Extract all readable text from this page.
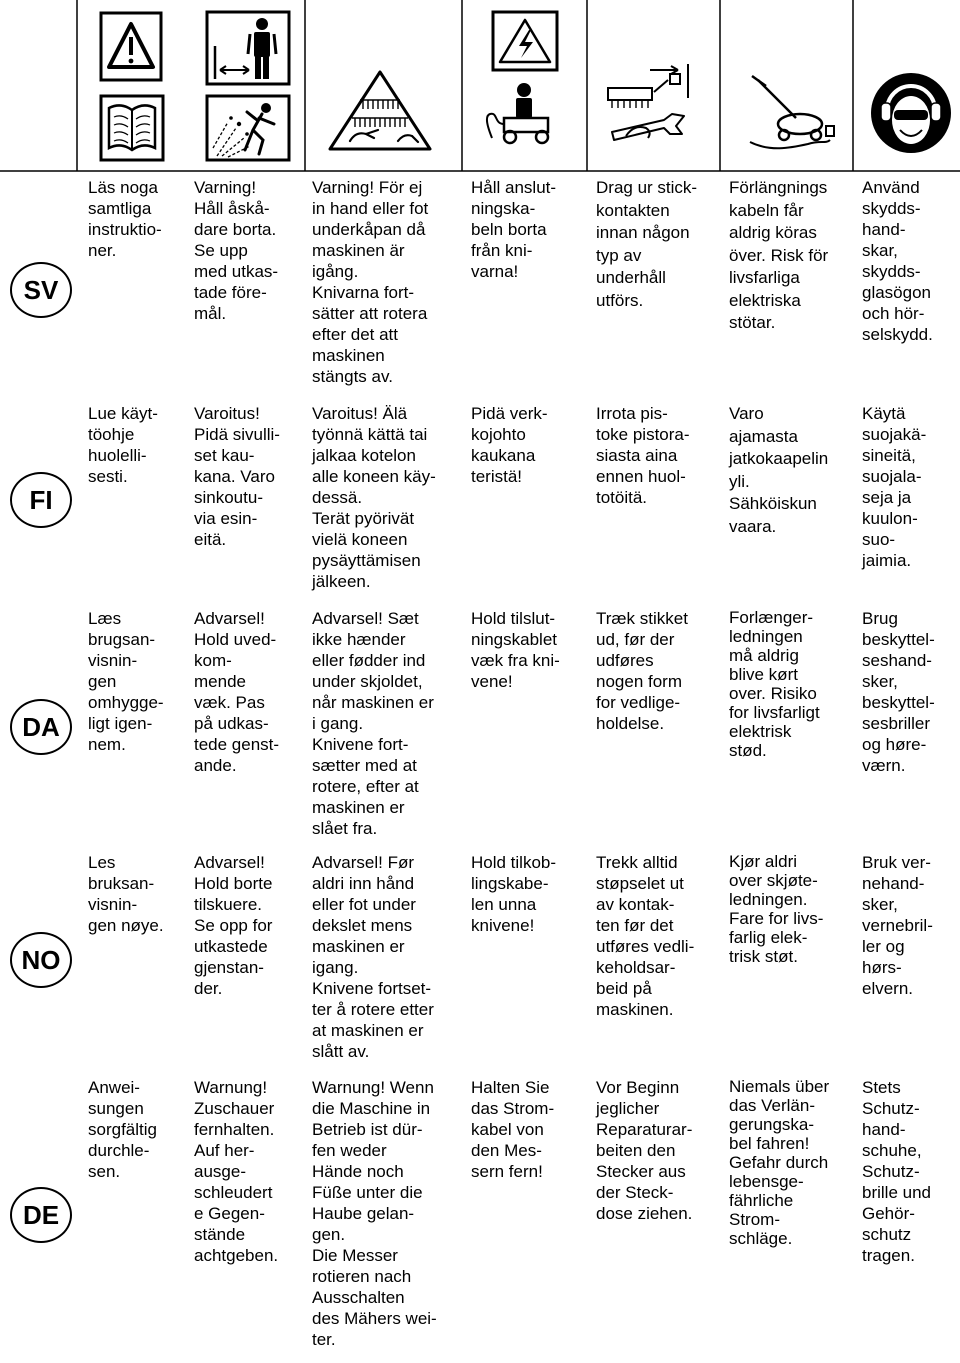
SV
Läs noga
samtliga
instruktio-
ner.
Varning!
Håll åskå-
dare borta.
Se upp
med utkas-
tade före-
mål.
Varning! För ej
in hand eller fot
underkåpan då
maskinen är
igång.
Knivarna fort-
sätter att rotera
efter det att
maskinen
stängts av.
Håll anslut-
ningska-
beln borta
från kni-
varna!
Drag ur stick-
kontakten
innan någon
typ av
underhåll
utförs.
Förlängnings
kabeln får
aldrig köras
över. Risk för
livsfarliga
elektriska
stötar.
Använd
skydds-
hand-
skar,
skydds-
glasögon
och hör-
selskydd.
FI
Lue käyt-
töohje
huolelli-
sesti.
Varoitus!
Pidä sivulli-
set kau-
kana. Varo
sinkoutu-
via esin-
eitä.
Varoitus! Älä
työnnä kättä tai
jalkaa kotelon
alle koneen käy-
dessä.
Terät pyörivät
vielä koneen
pysäyttämisen
jälkeen.
Pidä verk-
kojohto
kaukana
teristä!
Irrota pis-
toke pistora-
siasta aina
ennen huol-
totöitä.
Varo
ajamasta
jatkokaapelin
yli.
Sähköiskun
vaara.
Käytä
suojakä-
sineitä,
suojala-
seja ja
kuulon-
suo-
jaimia.
DA
Læs
brugsan-
visnin-
gen
omhygge-
ligt igen-
nem.
Advarsel!
Hold uved-
kom-
mende
væk. Pas
på udkas-
tede genst-
ande.
Advarsel! Sæt
ikke hænder
eller fødder ind
under skjoldet,
når maskinen er
i gang.
Knivene fort-
sætter med at
rotere, efter at
maskinen er
slået fra.
Hold tilslut-
ningskablet
væk fra kni-
vene!
Træk stikket
ud, før der
udføres
nogen form
for vedlige-
holdelse.
Forlænger-
ledningen
må aldrig
blive kørt
over. Risiko
for livsfarligt
elektrisk
stød.
Brug
beskyttel-
seshand-
sker,
beskyttel-
sesbriller
og høre-
værn.
NO
Les
bruksan-
visnin-
gen nøye.
Advarsel!
Hold borte
tilskuere.
Se opp for
utkastede
gjenstan-
der.
Advarsel! Før
aldri inn hånd
eller fot under
dekslet mens
maskinen er
igang.
Knivene fortset-
ter å rotere etter
at maskinen er
slått av.
Hold tilkob-
lingskabe-
len unna
knivene!
Trekk alltid
støpselet ut
av kontak-
ten før det
utføres vedli-
keholdsar-
beid på
maskinen.
Kjør aldri
over skjøte-
ledningen.
Fare for livs-
farlig elek-
trisk støt.
Bruk ver-
nehand-
sker,
vernebril-
ler og
hørs-
elvern.
DE
Anwei-
sungen
sorgfältig
durchle-
sen.
Warnung!
Zuschauer
fernhalten.
Auf her-
ausge-
schleudert
e Gegen-
stände
achtgeben.
Warnung! Wenn
die Maschine in
Betrieb ist dür-
fen weder
Hände noch
Füße unter die
Haube gelan-
gen.
Die Messer
rotieren nach
Ausschalten
des Mähers wei-
ter.
Halten Sie
das Strom-
kabel von
den Mes-
sern fern!
Vor Beginn
jeglicher
Reparaturar-
beiten den
Stecker aus
der Steck-
dose ziehen.
Niemals über
das Verlän-
gerungska-
bel fahren!
Gefahr durch
lebensge-
fährliche
Strom-
schläge.
Stets
Schutz-
hand-
schuhe,
Schutz-
brille und
Gehör-
schutz
tragen.
